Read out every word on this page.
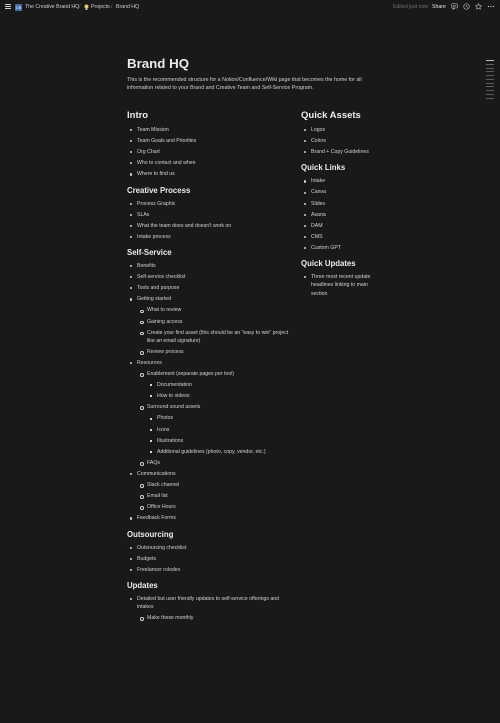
CB The Creative Brand HQ / Projects / Brand HQ	Edited just now Share
Brand HQ
This is the recommended structure for a Notion/Confluence/Wiki page that becomes the home for all information related to your Brand and Creative Team and Self-Service Program.
Intro
Team Mission
Team Goals and Priorities
Org Chart
Who to contact and when
Where to find us
Creative Process
Process Graphic
SLAs
What the team does and doesn't work on
Intake process
Self-Service
Benefits
Self-service checklist
Tools and purpose
Getting started
What to review
Gaining access
Create your first asset (this should be an "easy to win" project like an email signature)
Review process
Resources
Enablement (separate pages per tool)
Documentation
How to videos
Surround sound assets
Photos
Icons
Illustrations
Additional guidelines (photo, copy, vendor, etc.)
FAQs
Communications
Slack channel
Email list
Office Hours
Feedback Forms
Outsourcing
Outsourcing checklist
Budgets
Freelancer rolodex
Updates
Detailed but user friendly updates to self-service offerings and intakes
Make these monthly
Quick Assets
Logos
Colors
Brand + Copy Guidelines
Quick Links
Intake
Canva
Slides
Asana
DAM
CMS
Custom GPT
Quick Updates
Three most recent update headlines linking to main section
